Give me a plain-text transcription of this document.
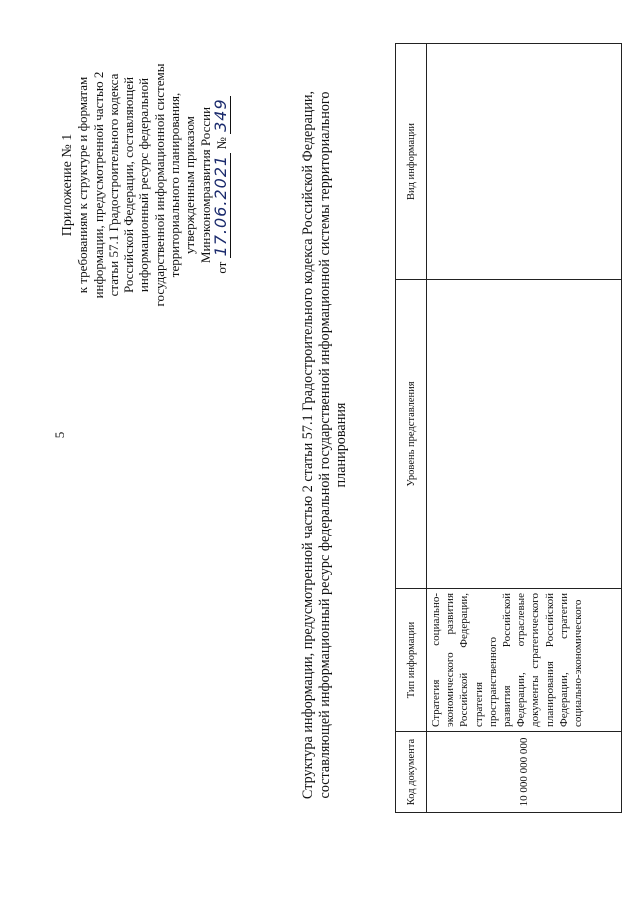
5
Приложение № 1 к требованиям к структуре и форматам информации, предусмотренной частью 2 статьи 57.1 Градостроительного кодекса Российской Федерации, составляющей информационный ресурс федеральной государственной информационной системы территориального планирования, утвержденным приказом Минэкономразвития России
от 17.06.2021 № 349	Структура информации, предусмотренной частью 2 статьи 57.1 Градостроительного кодекса Российской Федерации, составляющей информационный ресурс федеральной государственной информационной системы территориального планирования
Код документа	Тип информации	Уровень представления	Вид информации
10 000 000 000	Стратегия социально-экономического развития Российской Федерации, стратегия пространственного развития Российской Федерации, отраслевые документы стратегического планирования Российской Федерации, стратегии социально-экономического		
